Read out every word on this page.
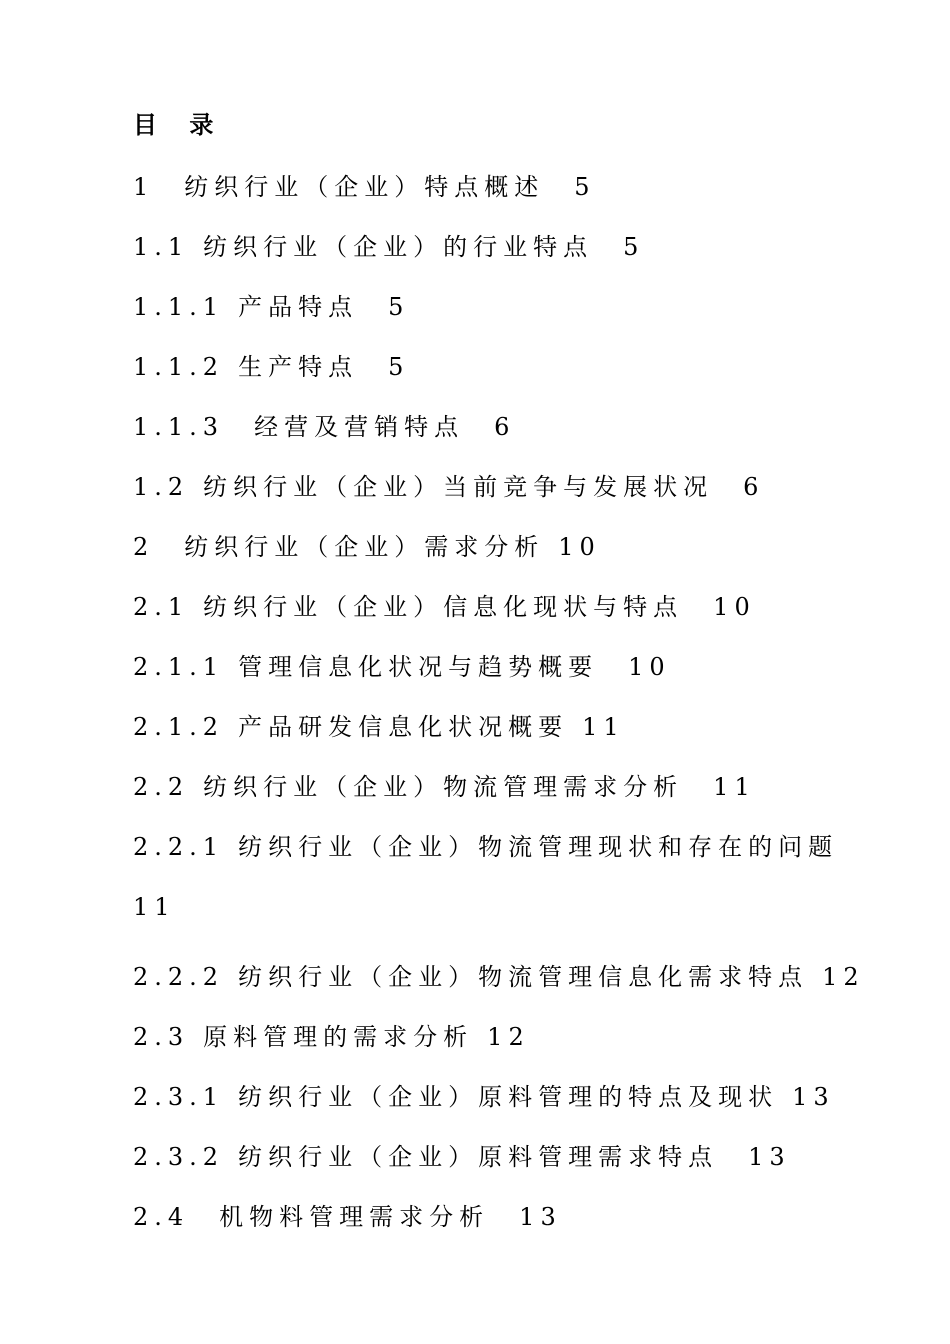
目 录
1 纺织行业（企业）特点概述 5
1.1 纺织行业（企业）的行业特点 5
1.1.1 产品特点 5
1.1.2 生产特点 5
1.1.3 经营及营销特点 6
1.2 纺织行业（企业）当前竞争与发展状况 6
2 纺织行业（企业）需求分析 10
2.1 纺织行业（企业）信息化现状与特点 10
2.1.1 管理信息化状况与趋势概要 10
2.1.2 产品研发信息化状况概要 11
2.2 纺织行业（企业）物流管理需求分析 11
2.2.1 纺织行业（企业）物流管理现状和存在的问题
11
2.2.2 纺织行业（企业）物流管理信息化需求特点 12
2.3 原料管理的需求分析 12
2.3.1 纺织行业（企业）原料管理的特点及现状 13
2.3.2 纺织行业（企业）原料管理需求特点 13
2.4 机物料管理需求分析 13
